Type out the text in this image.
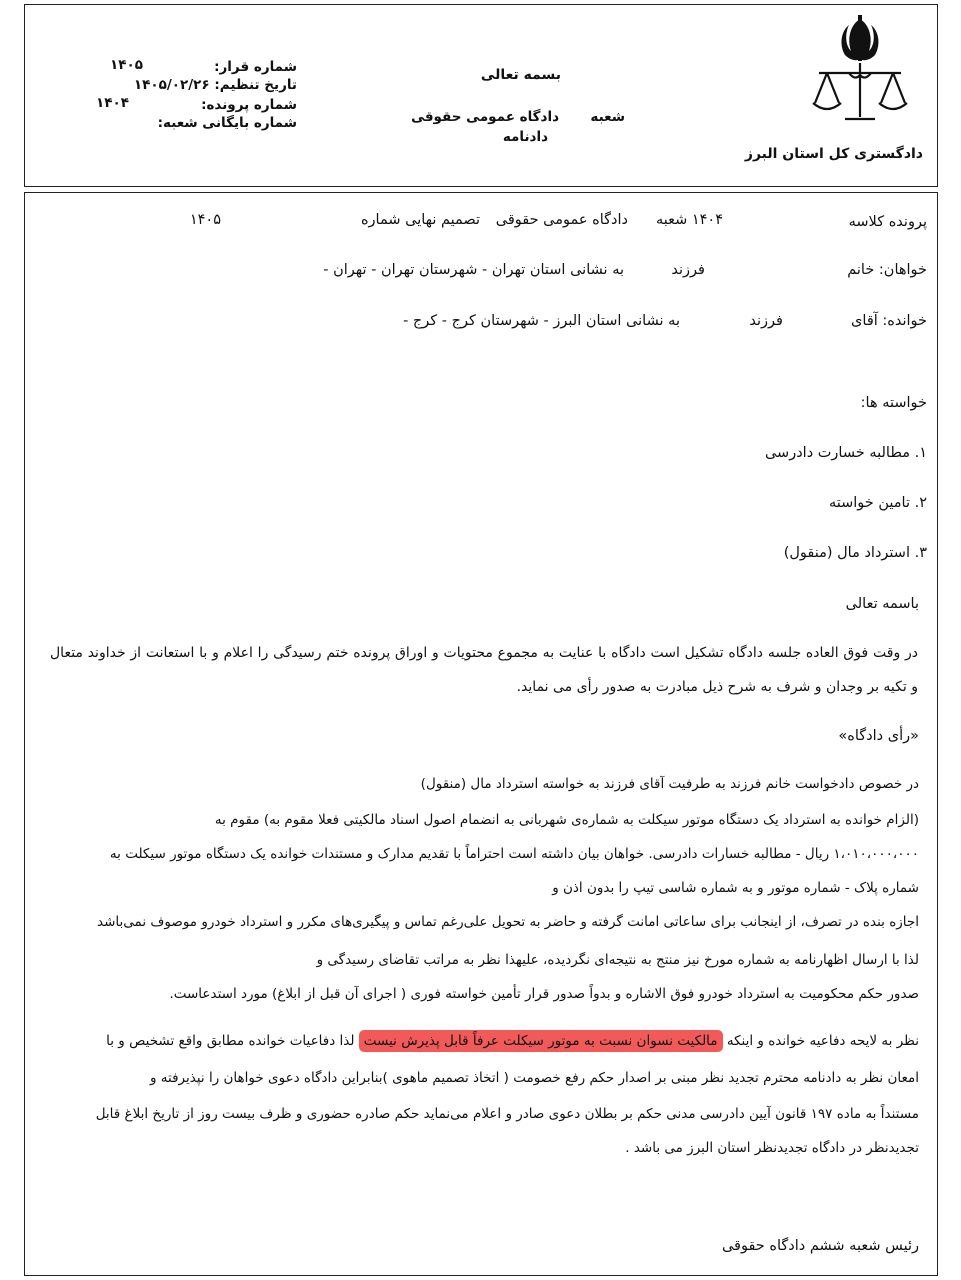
دادگستری کل استان البرز
بسمه تعالی
شعبه
دادگاه عمومی حقوقی
دادنامه
شماره قرار:
۱۴۰۵
تاریخ تنظیم: ۱۴۰۵/۰۲/۲۶
شماره پرونده:
۱۴۰۴
شماره بایگانی شعبه:
پرونده کلاسه
۱۴۰۴ شعبه
دادگاه عمومی حقوقی
تصمیم نهایی شماره
۱۴۰۵
خواهان: خانم
فرزند
به نشانی استان تهران - شهرستان تهران - تهران -
خوانده: آقای
فرزند
به نشانی استان البرز - شهرستان کرج - کرج -
خواسته ها:
۱. مطالبه خسارت دادرسی
۲. تامین خواسته
۳. استرداد مال (منقول)
باسمه تعالی
در وقت فوق العاده جلسه دادگاه تشکیل است دادگاه با عنایت به مجموع محتویات و اوراق پرونده ختم رسیدگی را اعلام و با استعانت از خداوند متعال و تکیه بر وجدان و شرف به شرح ذیل مبادرت به صدور رأی می نماید.
«رأی دادگاه»
در خصوص دادخواست خانم فرزند به طرفیت آقای فرزند به خواسته استرداد مال (منقول)
(الزام خوانده به استرداد یک دستگاه موتور سیکلت به شماره‌ی شهربانی به انضمام اصول اسناد مالکیتی فعلا مقوم به) مقوم به
۱،۰۱۰،۰۰۰،۰۰۰ ریال - مطالبه خسارات دادرسی. خواهان بیان داشته است احتراماً با تقدیم مدارک و مستندات خوانده یک دستگاه موتور سیکلت به
شماره پلاک - شماره موتور و به شماره شاسی تیپ را بدون اذن و
اجازه بنده در تصرف، از اینجانب برای ساعاتی امانت گرفته و حاضر به تحویل علی‌رغم تماس و پیگیری‌های مکرر و استرداد خودرو موصوف نمی‌باشد
لذا با ارسال اظهارنامه به شماره مورخ نیز منتج به نتیجه‌ای نگردیده، علیهذا نظر به مراتب تقاضای رسیدگی و
صدور حکم محکومیت به استرداد خودرو فوق الاشاره و بدواً صدور قرار تأمین خواسته فوری ( اجرای آن قبل از ابلاغ) مورد استدعاست.
نظر به لایحه دفاعیه خوانده و اینکه مالکیت نسوان نسبت به موتور سیکلت عرفاً قابل پذیرش نیست لذا دفاعیات خوانده مطابق واقع تشخیص و با
امعان نظر به دادنامه محترم تجدید نظر مبنی بر اصدار حکم رفع خصومت ( اتخاذ تصمیم ماهوی )بنابراین دادگاه دعوی خواهان را نپذیرفته و
مستنداً به ماده ۱۹۷ قانون آیین دادرسی مدنی حکم بر بطلان دعوی صادر و اعلام می‌نماید حکم صادره حضوری و ظرف بیست روز از تاریخ ابلاغ قابل
تجدیدنظر در دادگاه تجدیدنظر استان البرز می باشد .
رئیس شعبه ششم دادگاه حقوقی
